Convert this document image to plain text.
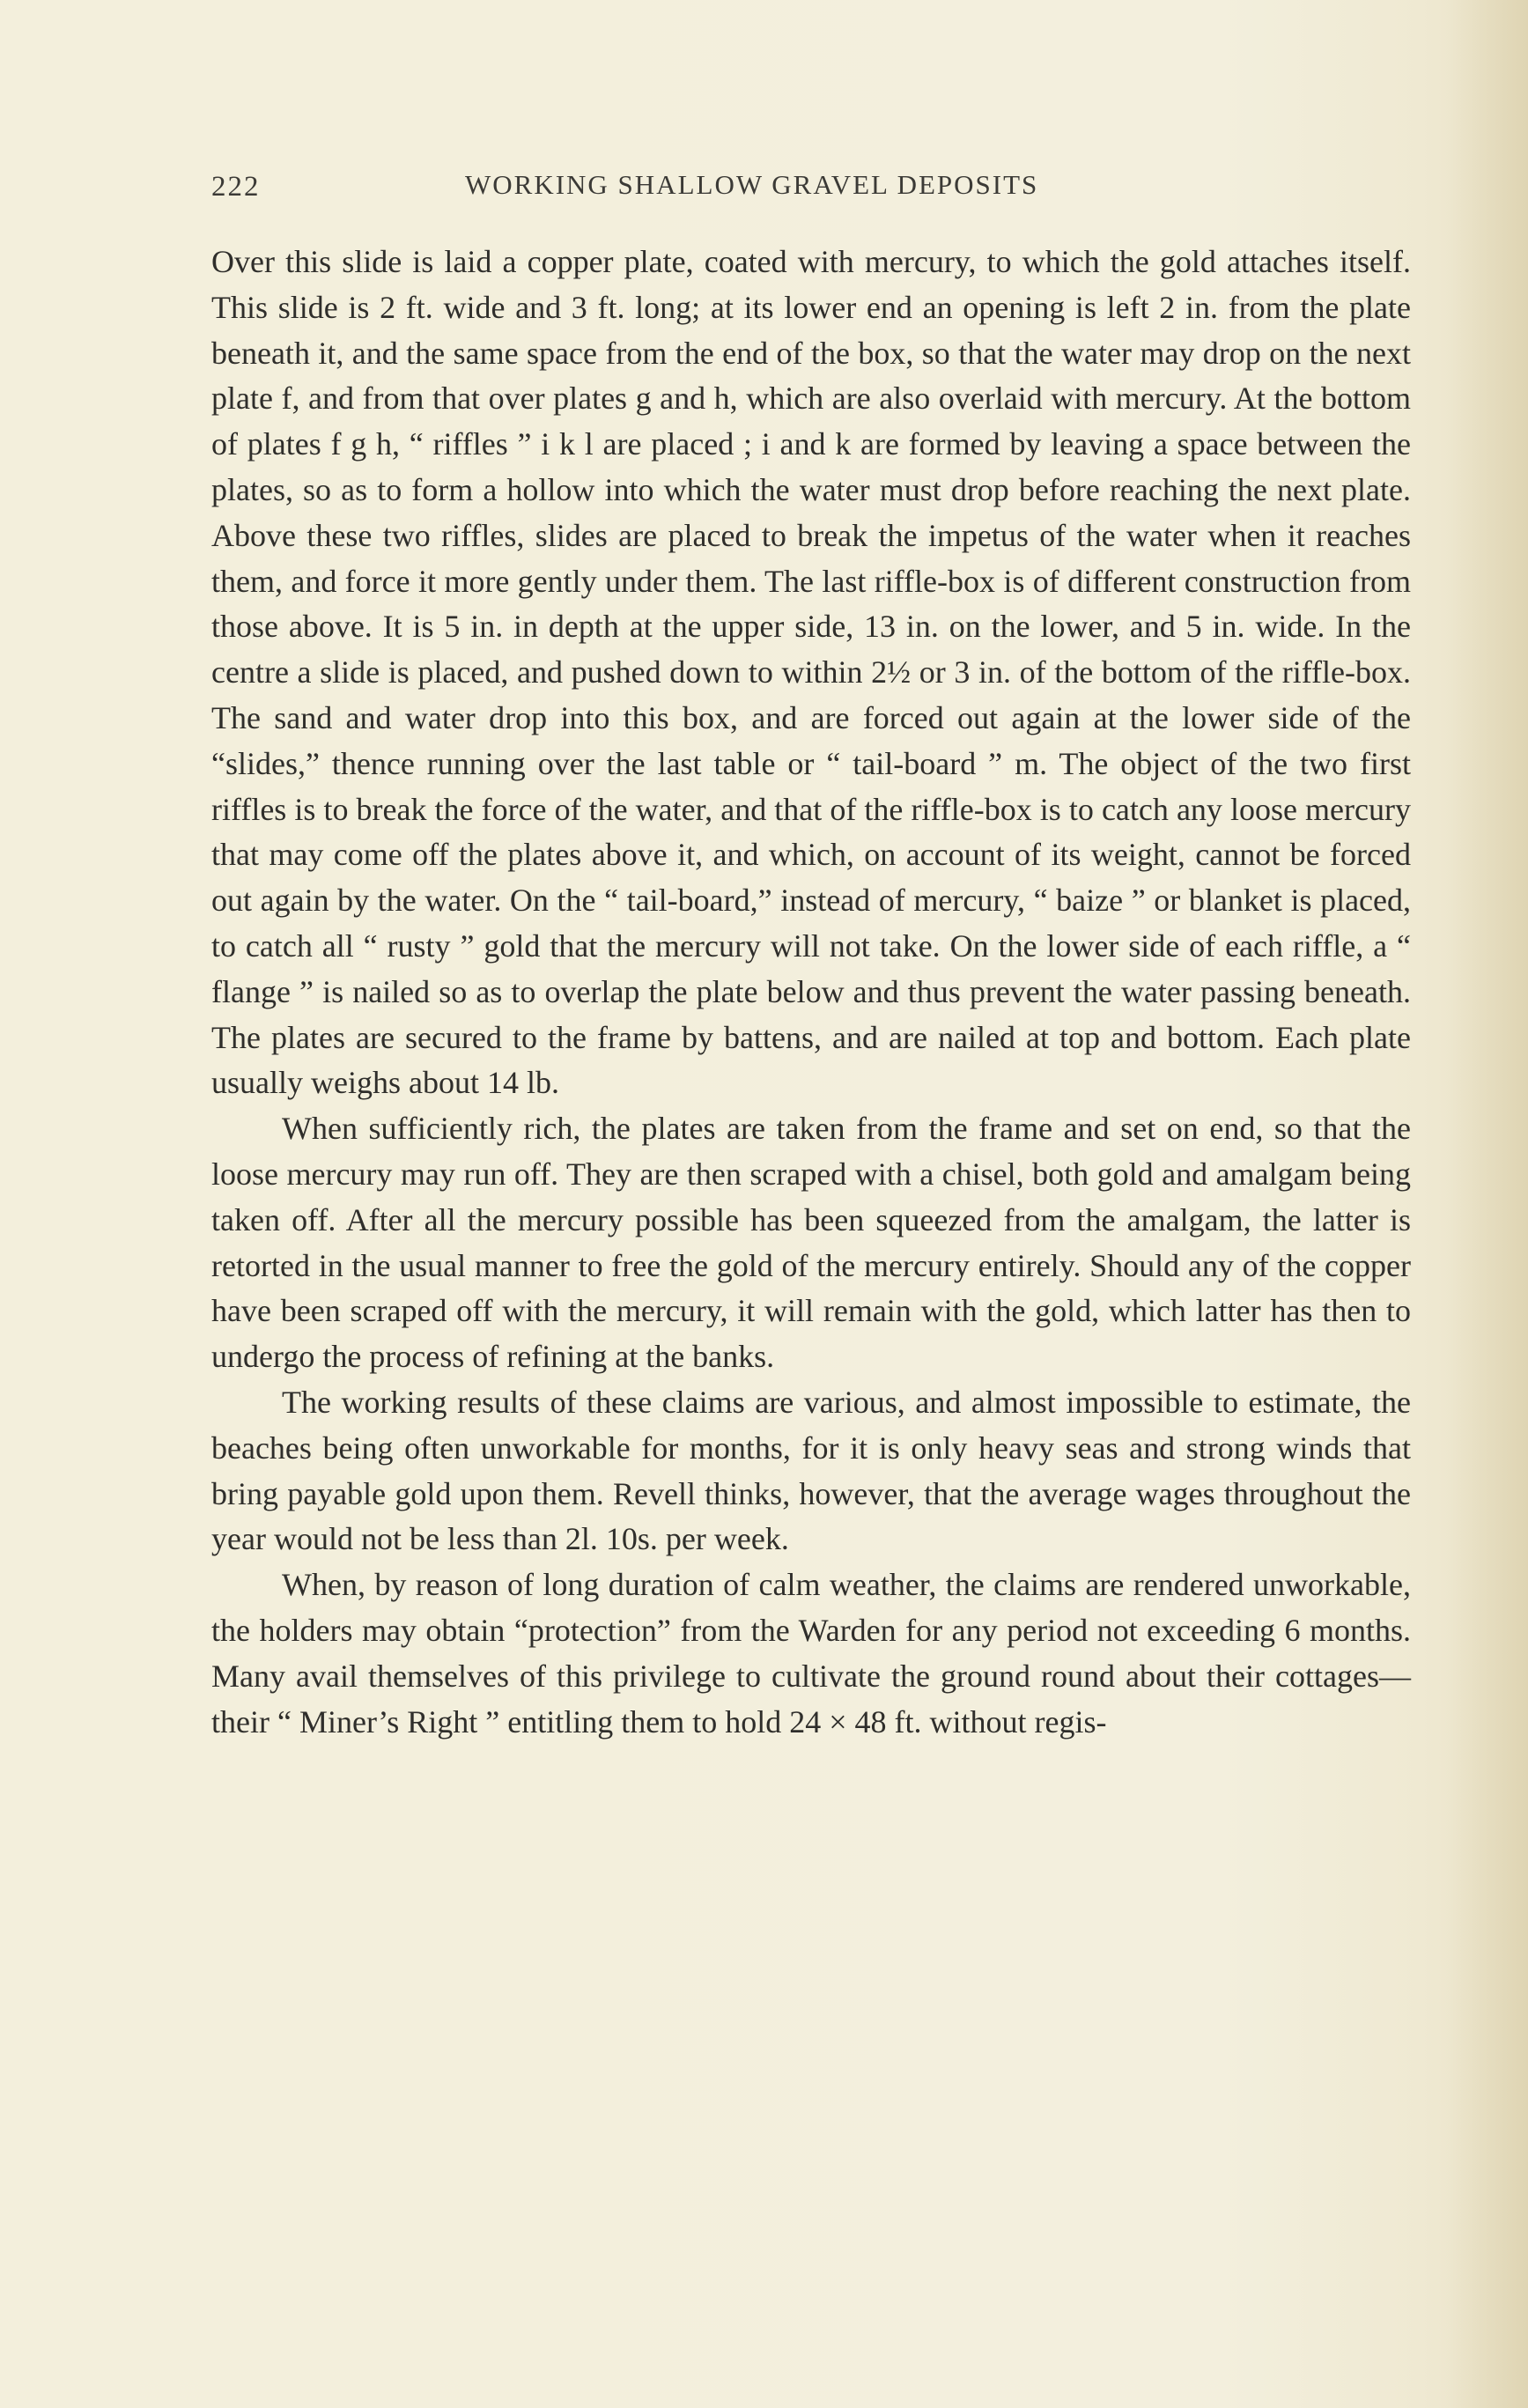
222	WORKING SHALLOW GRAVEL DEPOSITS

Over this slide is laid a copper plate, coated with mercury, to which the gold attaches itself. This slide is 2 ft. wide and 3 ft. long; at its lower end an opening is left 2 in. from the plate beneath it, and the same space from the end of the box, so that the water may drop on the next plate f, and from that over plates g and h, which are also overlaid with mercury. At the bottom of plates f g h, “ riffles ” i k l are placed ; i and k are formed by leaving a space between the plates, so as to form a hollow into which the water must drop before reaching the next plate. Above these two riffles, slides are placed to break the impetus of the water when it reaches them, and force it more gently under them. The last riffle-box is of different construction from those above. It is 5 in. in depth at the upper side, 13 in. on the lower, and 5 in. wide. In the centre a slide is placed, and pushed down to within 2½ or 3 in. of the bottom of the riffle-box. The sand and water drop into this box, and are forced out again at the lower side of the “slides,” thence running over the last table or “ tail-board ” m. The object of the two first riffles is to break the force of the water, and that of the riffle-box is to catch any loose mercury that may come off the plates above it, and which, on account of its weight, cannot be forced out again by the water. On the “ tail-board,” instead of mercury, “ baize ” or blanket is placed, to catch all “ rusty ” gold that the mercury will not take. On the lower side of each riffle, a “ flange ” is nailed so as to overlap the plate below and thus prevent the water passing beneath. The plates are secured to the frame by battens, and are nailed at top and bottom. Each plate usually weighs about 14 lb.

When sufficiently rich, the plates are taken from the frame and set on end, so that the loose mercury may run off. They are then scraped with a chisel, both gold and amalgam being taken off. After all the mercury possible has been squeezed from the amalgam, the latter is retorted in the usual manner to free the gold of the mercury entirely. Should any of the copper have been scraped off with the mercury, it will remain with the gold, which latter has then to undergo the process of refining at the banks.

The working results of these claims are various, and almost impossible to estimate, the beaches being often unworkable for months, for it is only heavy seas and strong winds that bring payable gold upon them. Revell thinks, however, that the average wages throughout the year would not be less than 2l. 10s. per week.

When, by reason of long duration of calm weather, the claims are rendered unworkable, the holders may obtain “protection” from the Warden for any period not exceeding 6 months. Many avail themselves of this privilege to cultivate the ground round about their cottages—their “ Miner’s Right ” entitling them to hold 24 × 48 ft. without regis-
